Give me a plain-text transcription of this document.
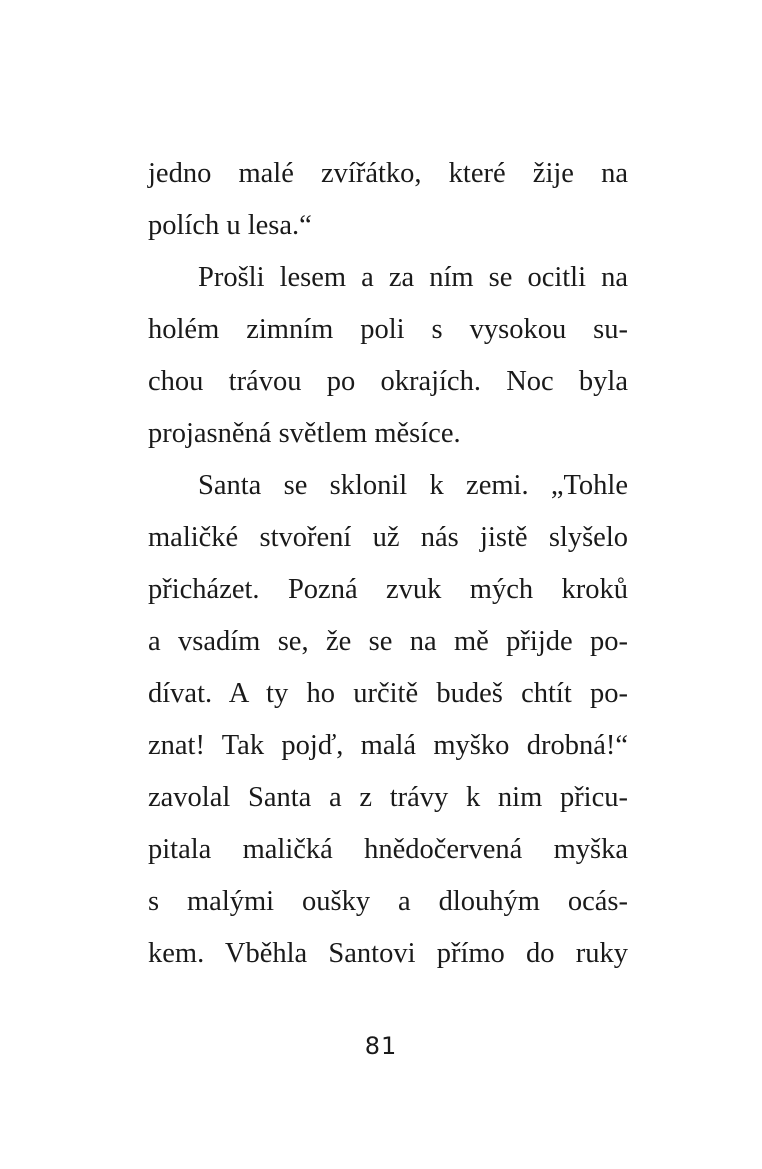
jedno malé zvířátko, které žije na
polích u lesa.“
Prošli lesem a za ním se ocitli na
holém zimním poli s vysokou su-
chou trávou po okrajích. Noc byla
projasněná světlem měsíce.
Santa se sklonil k zemi. „Tohle
maličké stvoření už nás jistě slyšelo
přicházet. Pozná zvuk mých kroků
a vsadím se, že se na mě přijde po-
dívat. A ty ho určitě budeš chtít po-
znat! Tak pojď, malá myško drobná!“
zavolal Santa a z trávy k nim přicu-
pitala maličká hnědočervená myška
s malými oušky a dlouhým ocás-
kem. Vběhla Santovi přímo do ruky
81
